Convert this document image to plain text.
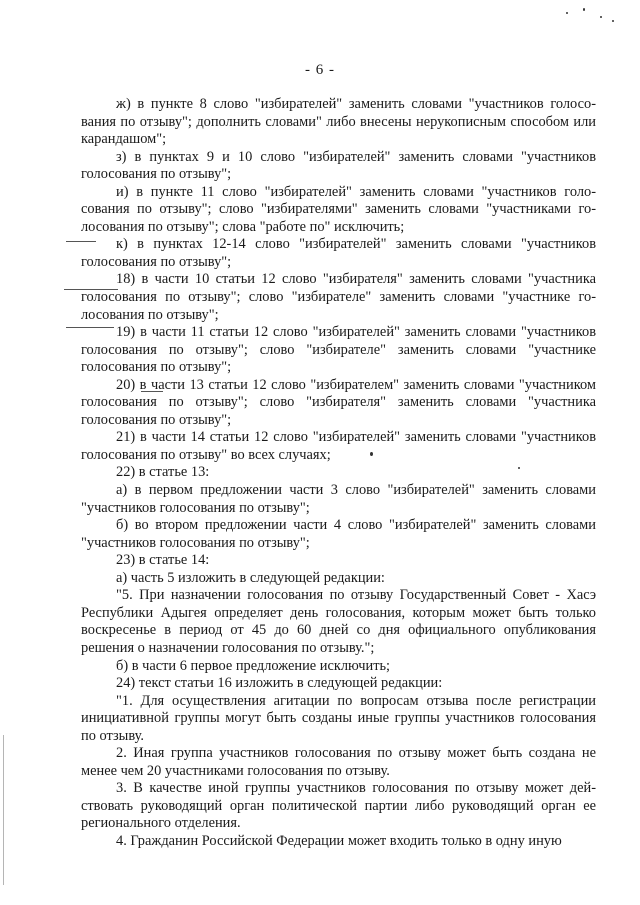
- 6 -

ж) в пункте 8 слово "избирателей" заменить словами "участников голосования по отзыву"; дополнить словами" либо внесены нерукописным способом или карандашом";

з) в пунктах 9 и 10 слово "избирателей" заменить словами "участников голосования по отзыву";

и) в пункте 11 слово "избирателей" заменить словами "участников голосования по отзыву"; слово "избирателями" заменить словами "участниками голосования по отзыву"; слова "работе по" исключить;

к) в пунктах 12-14 слово "избирателей" заменить словами "участников голосования по отзыву";

18) в части 10 статьи 12 слово "избирателя" заменить словами "участника голосования по отзыву"; слово "избирателе" заменить словами "участнике голосования по отзыву";

19) в части 11 статьи 12 слово "избирателей" заменить словами "участников голосования по отзыву"; слово "избирателе" заменить словами "участнике голосования по отзыву";

20) в части 13 статьи 12 слово "избирателем" заменить словами "участником голосования по отзыву"; слово "избирателя" заменить словами "участника голосования по отзыву";

21) в части 14 статьи 12 слово "избирателей" заменить словами "участников голосования по отзыву" во всех случаях;

22) в статье 13:

а) в первом предложении части 3 слово "избирателей" заменить словами "участников голосования по отзыву";

б) во втором предложении части 4 слово "избирателей" заменить словами "участников голосования по отзыву";

23) в статье 14:

а) часть 5 изложить в следующей редакции:

"5. При назначении голосования по отзыву Государственный Совет - Хасэ Республики Адыгея определяет день голосования, которым может быть только воскресенье в период от 45 до 60 дней со дня официального опубликования решения о назначении голосования по отзыву.";

б) в части 6 первое предложение исключить;

24) текст статьи 16 изложить в следующей редакции:

"1. Для осуществления агитации по вопросам отзыва после регистрации инициативной группы могут быть созданы иные группы участников голосования по отзыву.

2. Иная группа участников голосования по отзыву может быть создана не менее чем 20 участниками голосования по отзыву.

3. В качестве иной группы участников голосования по отзыву может действовать руководящий орган политической партии либо руководящий орган ее регионального отделения.

4. Гражданин Российской Федерации может входить только в одну иную
